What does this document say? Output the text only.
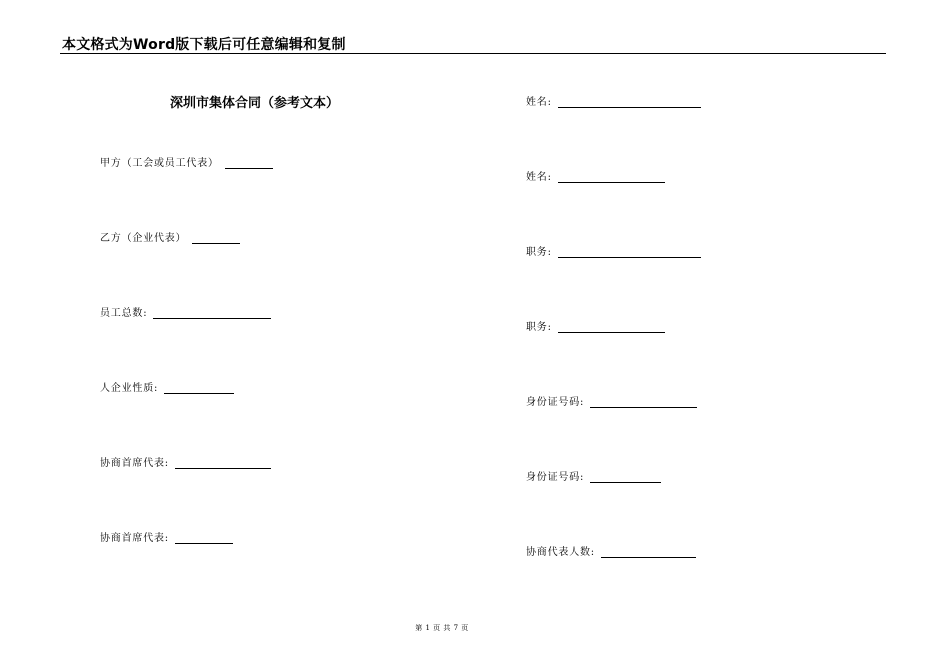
本文格式为Word版下载后可任意编辑和复制
深圳市集体合同（参考文本）
甲方（工会或员工代表）
乙方（企业代表）
员工总数:
人企业性质:
协商首席代表:
协商首席代表:
姓名:
姓名:
职务:
职务:
身份证号码:
身份证号码:
协商代表人数:
第 1 页 共 7 页
